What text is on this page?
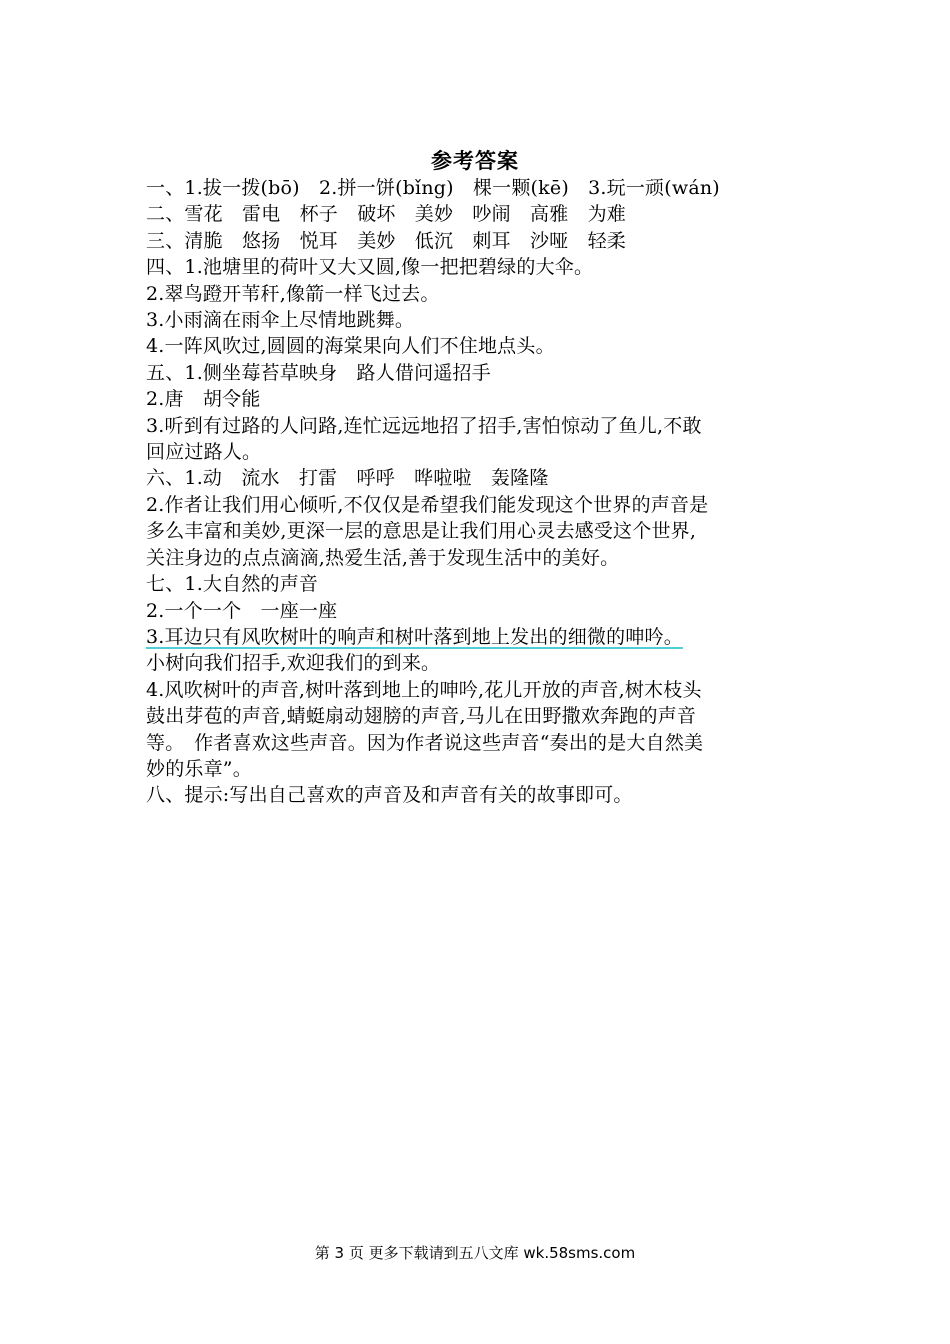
参考答案
一、1.拔一拨(bō)　2.拼一饼(bǐng)　棵一颗(kē)　3.玩一顽(wán)
二、雪花　雷电　杯子　破坏　美妙　吵闹　高雅　为难
三、清脆　悠扬　悦耳　美妙　低沉　刺耳　沙哑　轻柔
四、1.池塘里的荷叶又大又圆,像一把把碧绿的大伞。
2.翠鸟蹬开苇秆,像箭一样飞过去。
3.小雨滴在雨伞上尽情地跳舞。
4.一阵风吹过,圆圆的海棠果向人们不住地点头。
五、1.侧坐莓苔草映身　路人借问遥招手
2.唐　胡令能
3.听到有过路的人问路,连忙远远地招了招手,害怕惊动了鱼儿,不敢
回应过路人。
六、1.动　流水　打雷　呼呼　哗啦啦　轰隆隆
2.作者让我们用心倾听,不仅仅是希望我们能发现这个世界的声音是
多么丰富和美妙,更深一层的意思是让我们用心灵去感受这个世界,
关注身边的点点滴滴,热爱生活,善于发现生活中的美好。
七、1.大自然的声音
2.一个一个　一座一座
3.耳边只有风吹树叶的响声和树叶落到地上发出的细微的呻吟。
小树向我们招手,欢迎我们的到来。
4.风吹树叶的声音,树叶落到地上的呻吟,花儿开放的声音,树木枝头
鼓出芽苞的声音,蜻蜓扇动翅膀的声音,马儿在田野撒欢奔跑的声音
等。　作者喜欢这些声音。因为作者说这些声音“奏出的是大自然美
妙的乐章”。
八、提示:写出自己喜欢的声音及和声音有关的故事即可。
第 3 页 更多下载请到五八文库 wk.58sms.com
